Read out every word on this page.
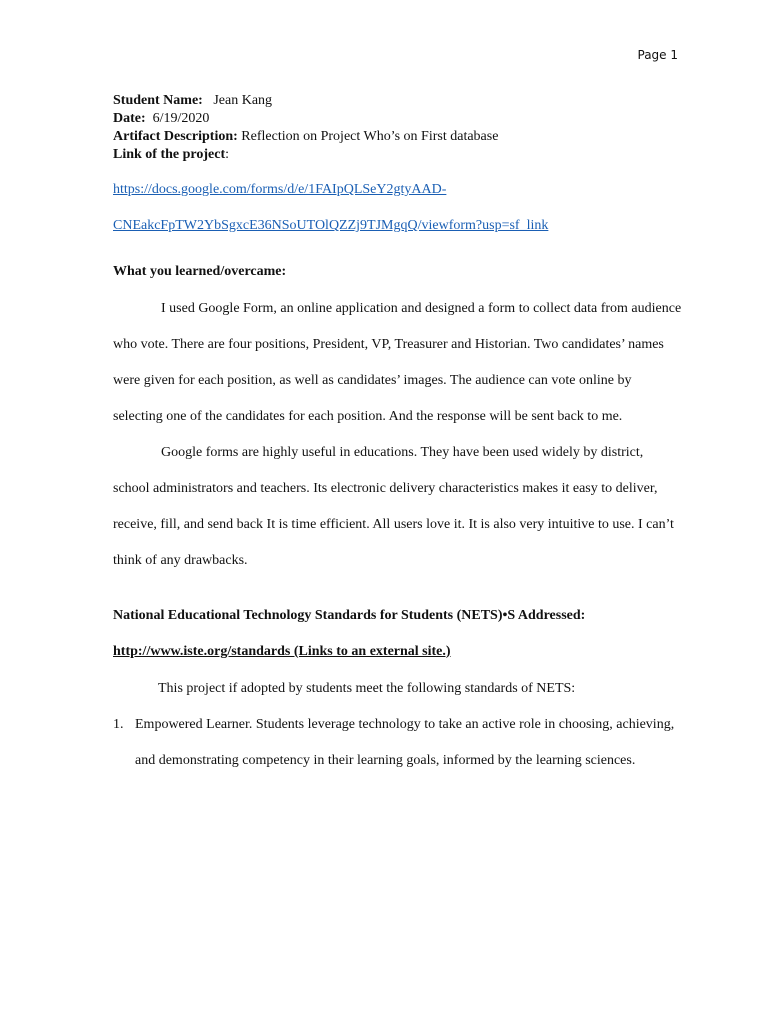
Page 1
Student Name: Jean Kang
Date: 6/19/2020
Artifact Description: Reflection on Project Who’s on First database
Link of the project:
https://docs.google.com/forms/d/e/1FAIpQLSeY2gtyAAD-
CNEakcFpTW2YbSgxcE36NSoUTOlQZZj9TJMgqQ/viewform?usp=sf_link
What you learned/overcame:
I used Google Form, an online application and designed a form to collect data from audience who vote. There are four positions, President, VP, Treasurer and Historian. Two candidates’ names were given for each position, as well as candidates’ images. The audience can vote online by selecting one of the candidates for each position. And the response will be sent back to me.
Google forms are highly useful in educations. They have been used widely by district, school administrators and teachers. Its electronic delivery characteristics makes it easy to deliver, receive, fill, and send back It is time efficient. All users love it. It is also very intuitive to use. I can’t think of any drawbacks.
National Educational Technology Standards for Students (NETS)•S Addressed:
http://www.iste.org/standards (Links to an external site.)
This project if adopted by students meet the following standards of NETS:
1. Empowered Learner. Students leverage technology to take an active role in choosing, achieving, and demonstrating competency in their learning goals, informed by the learning sciences.
